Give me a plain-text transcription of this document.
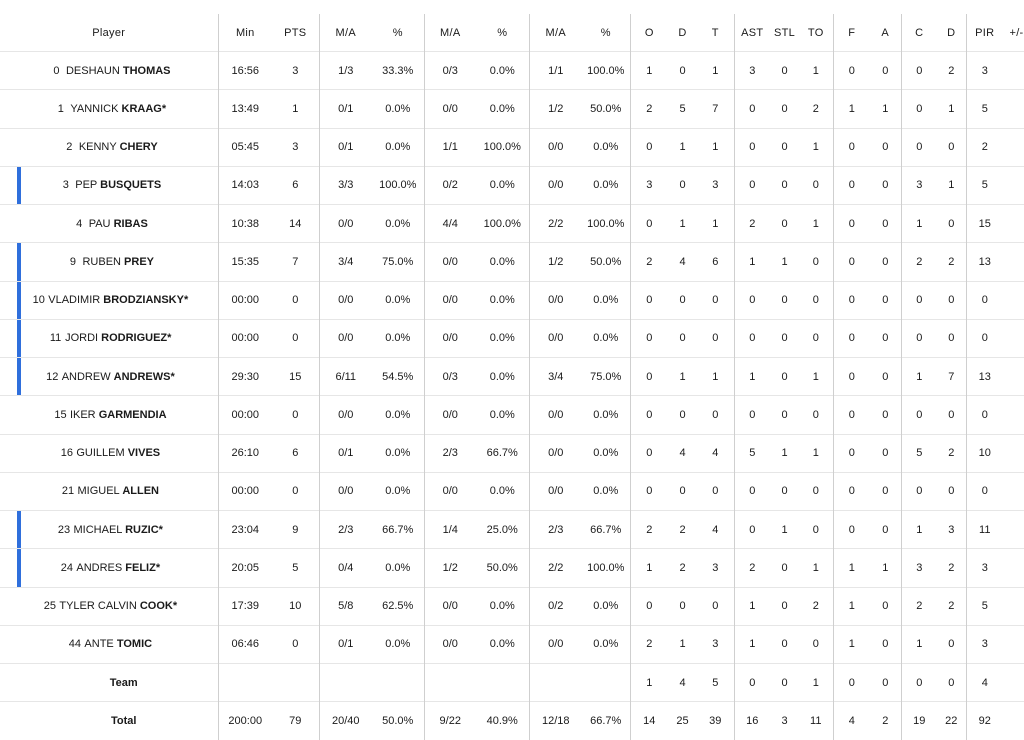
Player	Min	PTS	M/A	%	M/A	%	M/A	%	O	D	T	AST	STL	TO	F	A	C	D	PIR	+/-
0 DESHAUN THOMAS	16:56	3	1/3	33.3%	0/3	0.0%	1/1	100.0%	1	0	1	3	0	1	0	0	0	2	3	
1 YANNICK KRAAG*	13:49	1	0/1	0.0%	0/0	0.0%	1/2	50.0%	2	5	7	0	0	2	1	1	0	1	5	
2 KENNY CHERY	05:45	3	0/1	0.0%	1/1	100.0%	0/0	0.0%	0	1	1	0	0	1	0	0	0	0	2	

3 PEP BUSQUETS	14:03	6	3/3	100.0%	0/2	0.0%	0/0	0.0%	3	0	3	0	0	0	0	0	3	1	5	
4 PAU RIBAS	10:38	14	0/0	0.0%	4/4	100.0%	2/2	100.0%	0	1	1	2	0	1	0	0	1	0	15	

9 RUBEN PREY	15:35	7	3/4	75.0%	0/0	0.0%	1/2	50.0%	2	4	6	1	1	0	0	0	2	2	13	

10 VLADIMIR BRODZIANSKY*	00:00	0	0/0	0.0%	0/0	0.0%	0/0	0.0%	0	0	0	0	0	0	0	0	0	0	0	

11 JORDI RODRIGUEZ*	00:00	0	0/0	0.0%	0/0	0.0%	0/0	0.0%	0	0	0	0	0	0	0	0	0	0	0	

12 ANDREW ANDREWS*	29:30	15	6/11	54.5%	0/3	0.0%	3/4	75.0%	0	1	1	1	0	1	0	0	1	7	13	
15 IKER GARMENDIA	00:00	0	0/0	0.0%	0/0	0.0%	0/0	0.0%	0	0	0	0	0	0	0	0	0	0	0	
16 GUILLEM VIVES	26:10	6	0/1	0.0%	2/3	66.7%	0/0	0.0%	0	4	4	5	1	1	0	0	5	2	10	
21 MIGUEL ALLEN	00:00	0	0/0	0.0%	0/0	0.0%	0/0	0.0%	0	0	0	0	0	0	0	0	0	0	0	

23 MICHAEL RUZIC*	23:04	9	2/3	66.7%	1/4	25.0%	2/3	66.7%	2	2	4	0	1	0	0	0	1	3	11	

24 ANDRES FELIZ*	20:05	5	0/4	0.0%	1/2	50.0%	2/2	100.0%	1	2	3	2	0	1	1	1	3	2	3	
25 TYLER CALVIN COOK*	17:39	10	5/8	62.5%	0/0	0.0%	0/2	0.0%	0	0	0	1	0	2	1	0	2	2	5	
44 ANTE TOMIC	06:46	0	0/1	0.0%	0/0	0.0%	0/0	0.0%	2	1	3	1	0	0	1	0	1	0	3	
Team									1	4	5	0	0	1	0	0	0	0	4	
Total	200:00	79	20/40	50.0%	9/22	40.9%	12/18	66.7%	14	25	39	16	3	11	4	2	19	22	92	
